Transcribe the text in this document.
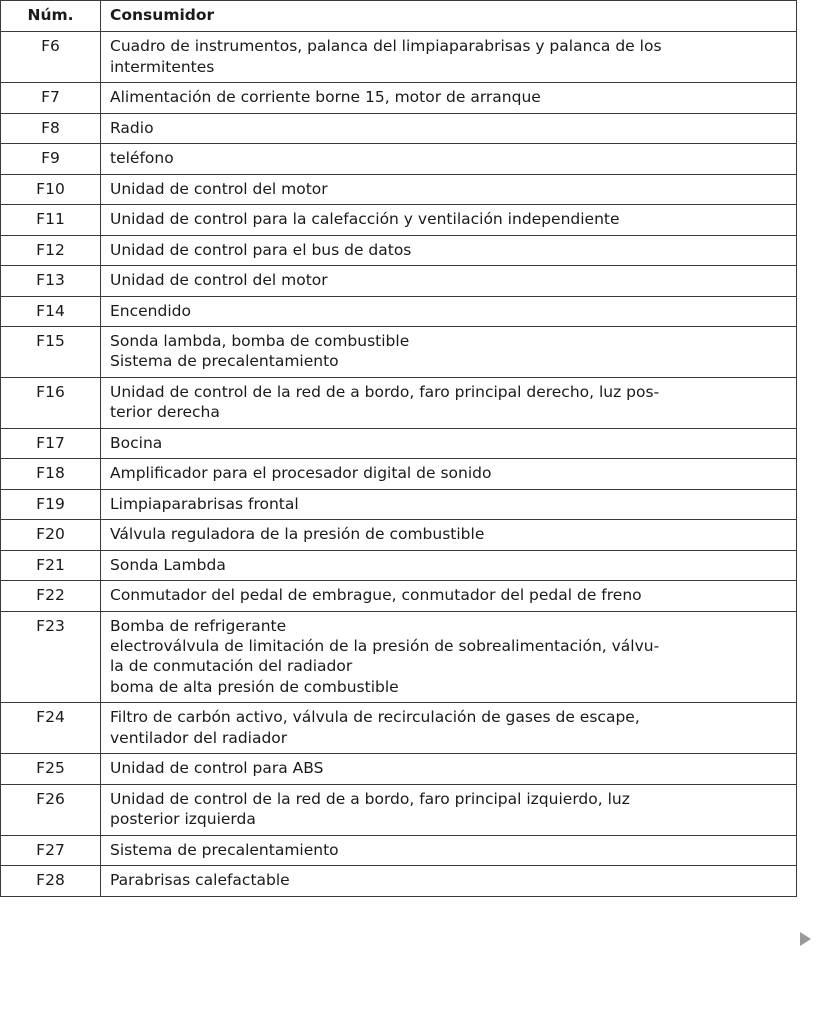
Núm.	Consumidor
F6	Cuadro de instrumentos, palanca del limpiaparabrisas y palanca de los
intermitentes

F7	Alimentación de corriente borne 15, motor de arranque

F8	Radio

F9	teléfono

F10	Unidad de control del motor

F11	Unidad de control para la calefacción y ventilación independiente

F12	Unidad de control para el bus de datos

F13	Unidad de control del motor

F14	Encendido

F15	Sonda lambda, bomba de combustible
Sistema de precalentamiento

F16	Unidad de control de la red de a bordo, faro principal derecho, luz pos-
terior derecha

F17	Bocina

F18	Amplificador para el procesador digital de sonido

F19	Limpiaparabrisas frontal

F20	Válvula reguladora de la presión de combustible

F21	Sonda Lambda

F22	Conmutador del pedal de embrague, conmutador del pedal de freno

F23	Bomba de refrigerante
electroválvula de limitación de la presión de sobrealimentación, válvu-
la de conmutación del radiador
boma de alta presión de combustible

F24	Filtro de carbón activo, válvula de recirculación de gases de escape,
ventilador del radiador

F25	Unidad de control para ABS

F26	Unidad de control de la red de a bordo, faro principal izquierdo, luz
posterior izquierda

F27	Sistema de precalentamiento

F28	Parabrisas calefactable
